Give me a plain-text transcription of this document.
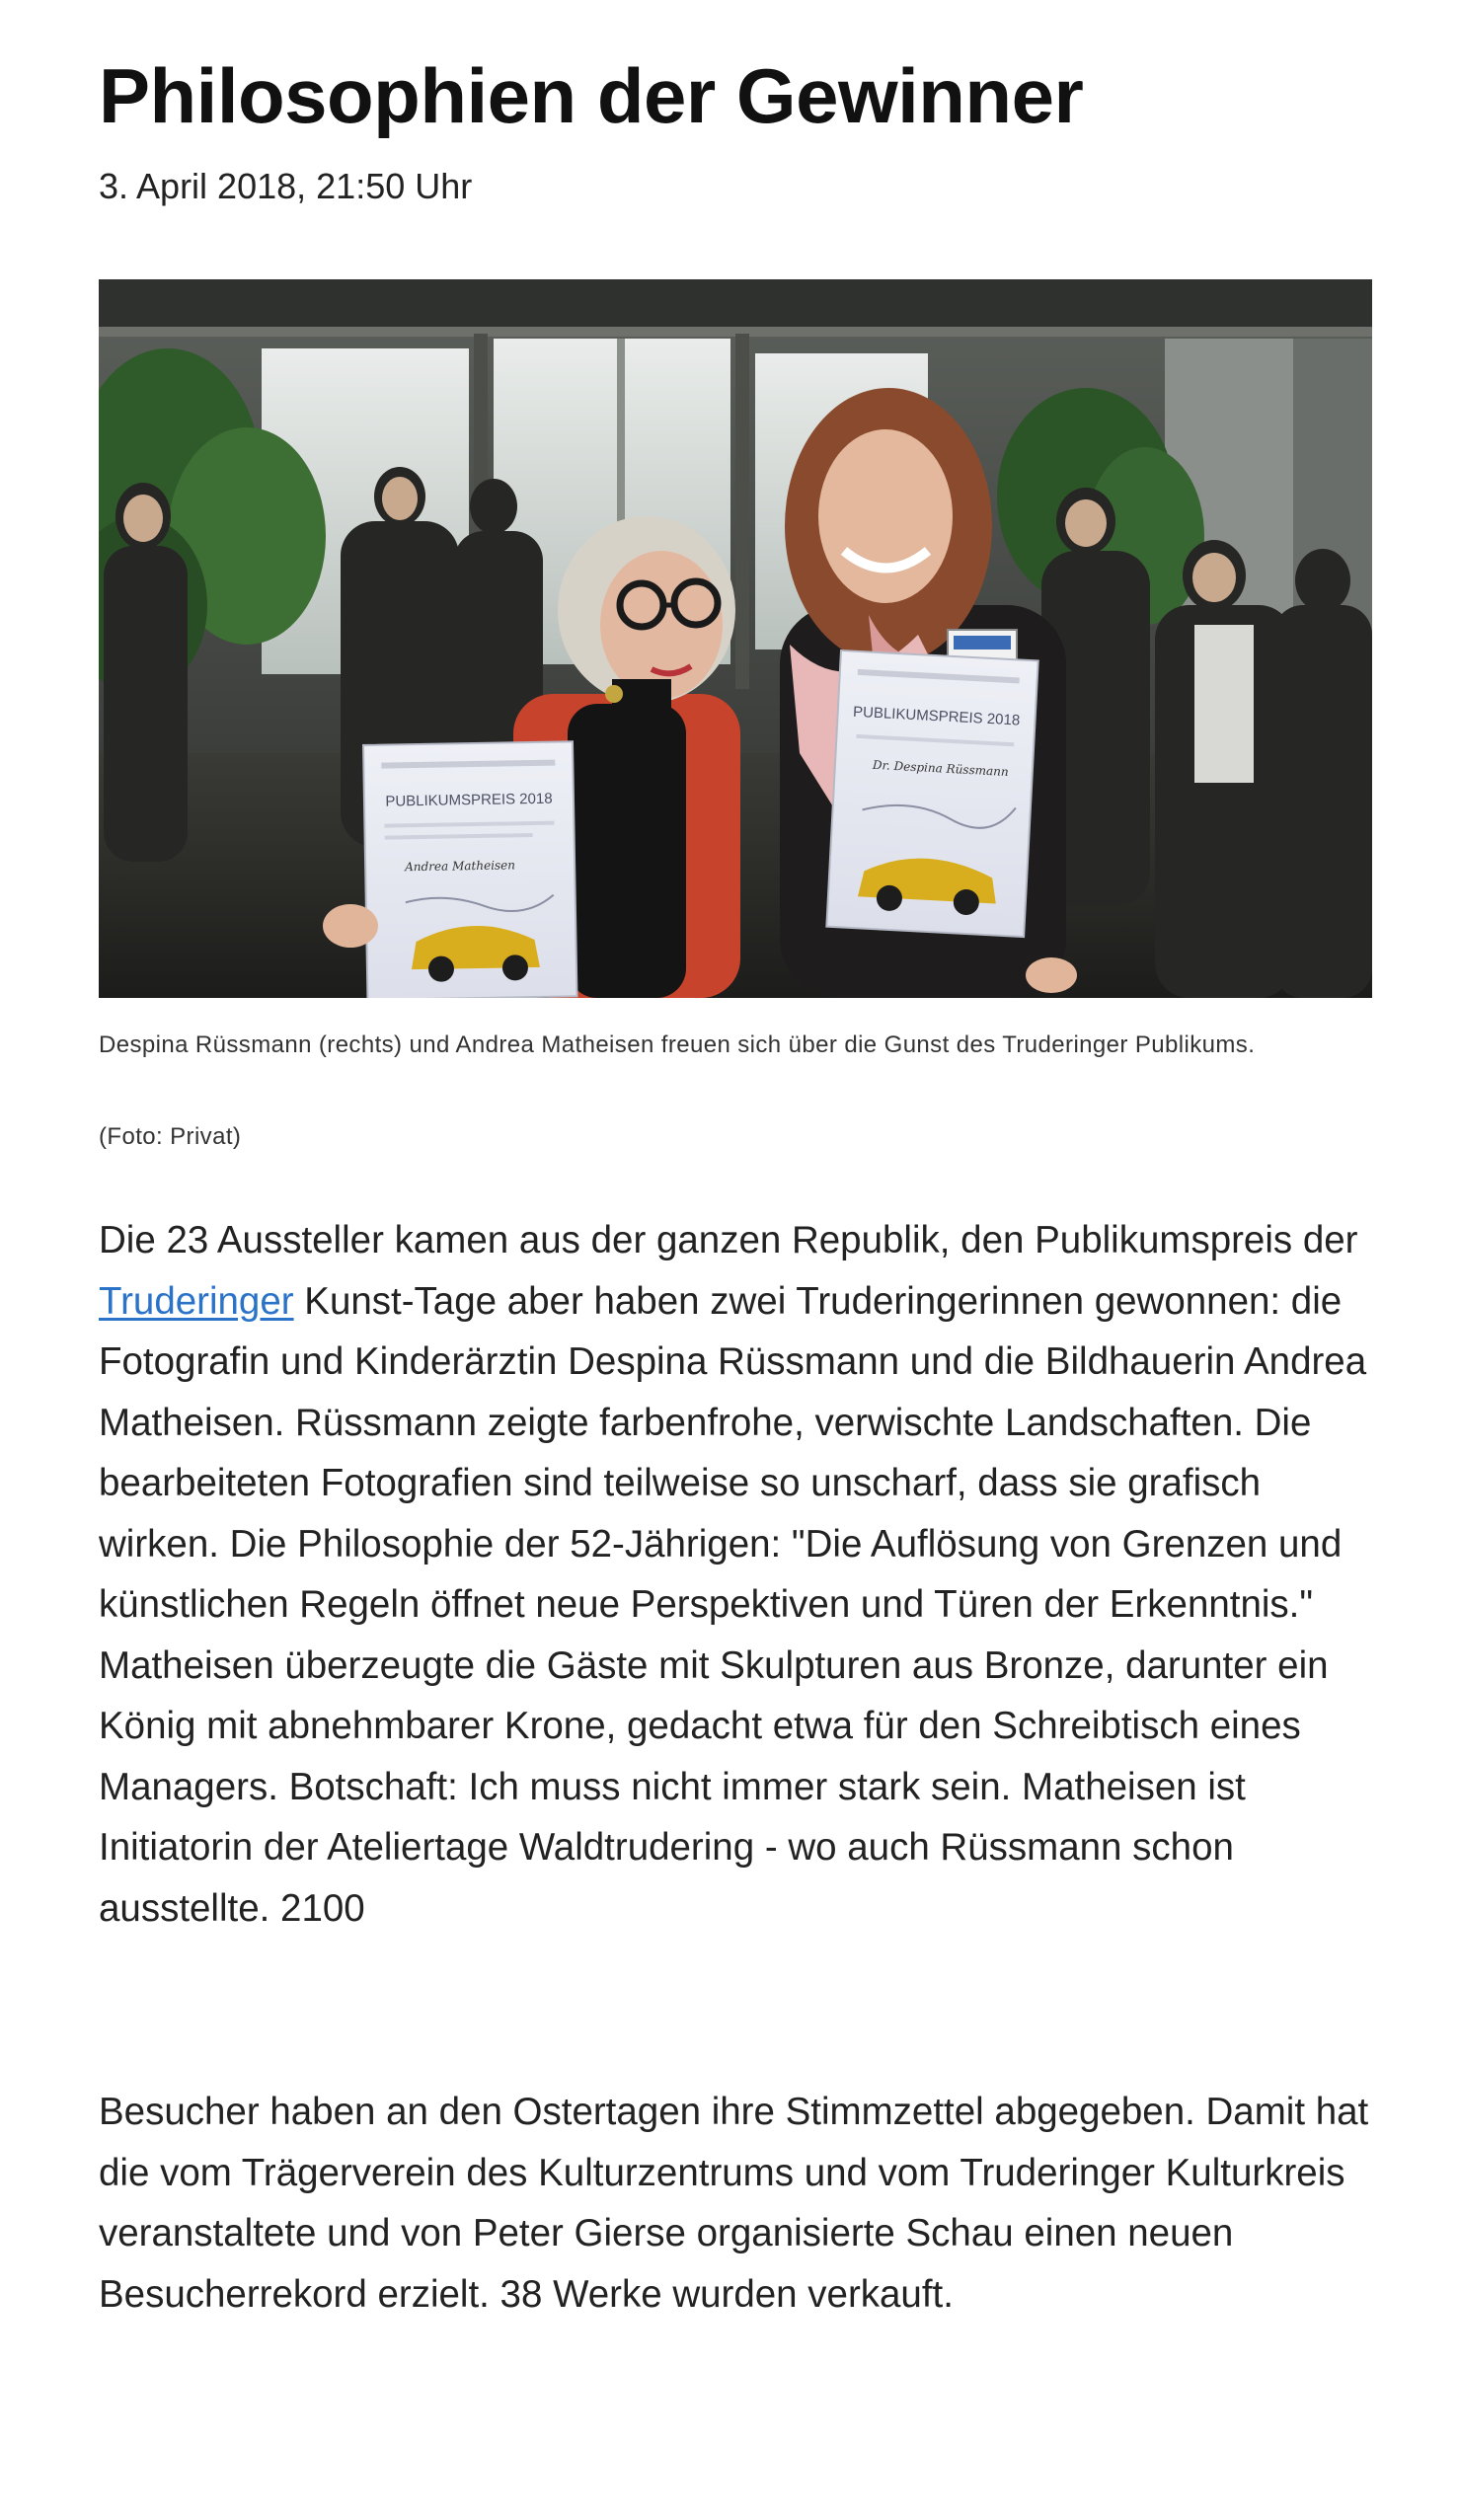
Philosophien der Gewinner
3. April 2018, 21:50 Uhr
PUBLIKUMSPREIS 2018
Andrea Matheisen
PUBLIKUMSPREIS 2018
Dr. Despina Rüssmann
Despina Rüssmann (rechts) und Andrea Matheisen freuen sich über die Gunst des Truderinger Publikums.
(Foto: Privat)

Die 23 Aussteller kamen aus der ganzen Republik, den Publikumspreis der Truderinger Kunst-Tage aber haben zwei Truderingerinnen gewonnen: die Fotografin und Kinderärztin Despina Rüssmann und die Bildhauerin Andrea Matheisen. Rüssmann zeigte farbenfrohe, verwischte Landschaften. Die bearbeiteten Fotografien sind teilweise so unscharf, dass sie grafisch wirken. Die Philosophie der 52-Jährigen: "Die Auflösung von Grenzen und künstlichen Regeln öffnet neue Perspektiven und Türen der Erkenntnis." Matheisen überzeugte die Gäste mit Skulpturen aus Bronze, darunter ein König mit abnehmbarer Krone, gedacht etwa für den Schreibtisch eines Managers. Botschaft: Ich muss nicht immer stark sein. Matheisen ist Initiatorin der Ateliertage Waldtrudering - wo auch Rüssmann schon ausstellte. 2100

Besucher haben an den Ostertagen ihre Stimmzettel abgegeben. Damit hat die vom Trägerverein des Kulturzentrums und vom Truderinger Kulturkreis veranstaltete und von Peter Gierse organisierte Schau einen neuen Besucherrekord erzielt. 38 Werke wurden verkauft.
